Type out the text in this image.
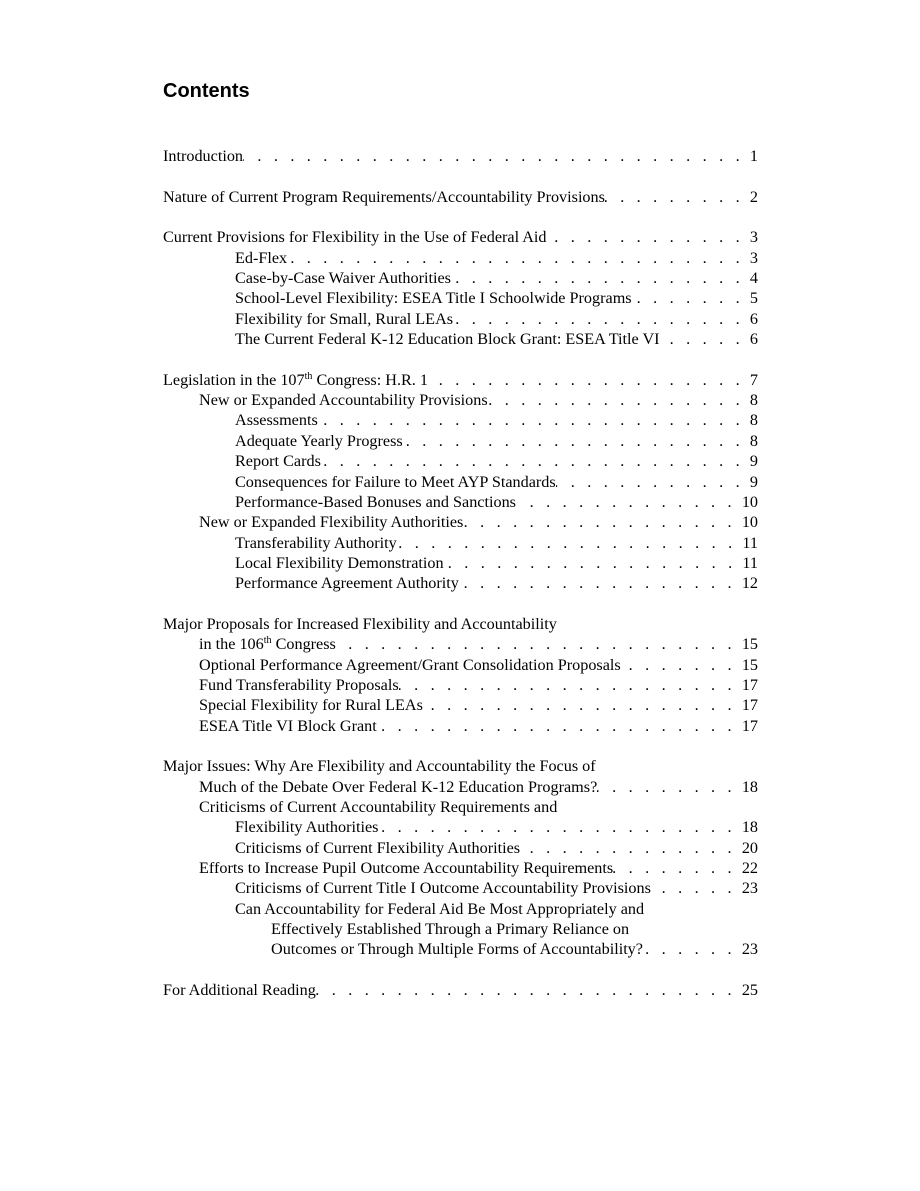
Contents
Introduction . . .	1
Nature of Current Program Requirements/Accountability Provisions . . .	2
Current Provisions for Flexibility in the Use of Federal Aid . . .	3
Ed-Flex . . .	3
Case-by-Case Waiver Authorities . . .	4
School-Level Flexibility: ESEA Title I Schoolwide Programs . . .	5
Flexibility for Small, Rural LEAs . . .	6
The Current Federal K-12 Education Block Grant: ESEA Title VI . . .	6
Legislation in the 107th Congress: H.R. 1 . . .	7
New or Expanded Accountability Provisions . . .	8
Assessments . . .	8
Adequate Yearly Progress . . .	8
Report Cards . . .	9
Consequences for Failure to Meet AYP Standards . . .	9
Performance-Based Bonuses and Sanctions . . .	10
New or Expanded Flexibility Authorities . . .	10
Transferability Authority . . .	11
Local Flexibility Demonstration . . .	11
Performance Agreement Authority . . .	12
Major Proposals for Increased Flexibility and Accountability
in the 106th Congress . . .	15
Optional Performance Agreement/Grant Consolidation Proposals . . .	15
Fund Transferability Proposals . . .	17
Special Flexibility for Rural LEAs . . .	17
ESEA Title VI Block Grant . . .	17
Major Issues: Why Are Flexibility and Accountability the Focus of
Much of the Debate Over Federal K-12 Education Programs? . . .	18
Criticisms of Current Accountability Requirements and
Flexibility Authorities . . .	18
Criticisms of Current Flexibility Authorities . . .	20
Efforts to Increase Pupil Outcome Accountability Requirements . . .	22
Criticisms of Current Title I Outcome Accountability Provisions . . .	23
Can Accountability for Federal Aid Be Most Appropriately and
Effectively Established Through a Primary Reliance on
Outcomes or Through Multiple Forms of Accountability? . . .	23
For Additional Reading . . .	25
